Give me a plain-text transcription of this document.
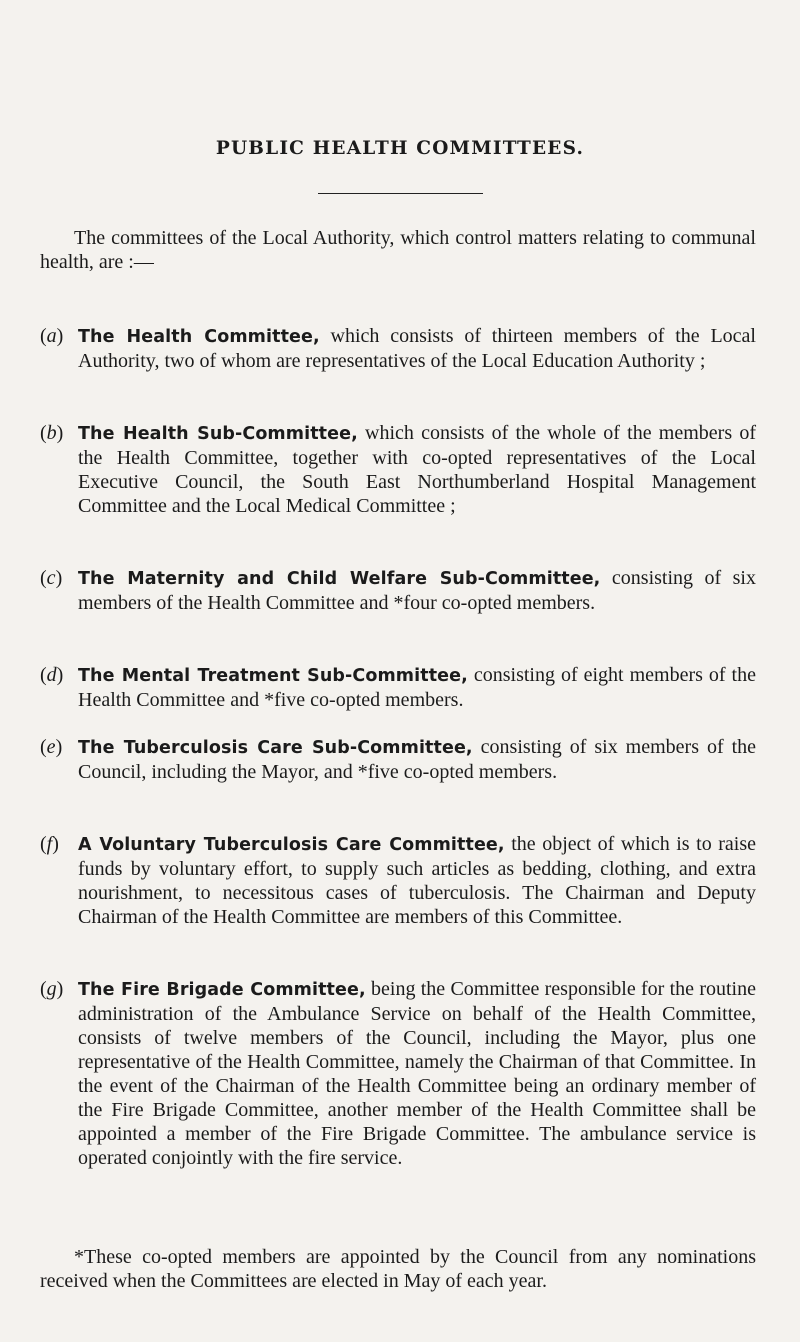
PUBLIC HEALTH COMMITTEES.

The committees of the Local Authority, which control matters relating to communal health, are :—

(a) The Health Committee, which consists of thirteen members of the Local Authority, two of whom are representatives of the Local Education Authority ;
(b) The Health Sub-Committee, which consists of the whole of the members of the Health Committee, together with co-opted representatives of the Local Executive Council, the South East Northumberland Hospital Management Committee and the Local Medical Committee ;
(c) The Maternity and Child Welfare Sub-Committee, consisting of six members of the Health Committee and *four co-opted members.
(d) The Mental Treatment Sub-Committee, consisting of eight members of the Health Committee and *five co-opted members.
(e) The Tuberculosis Care Sub-Committee, consisting of six members of the Council, including the Mayor, and *five co-opted members.
(f)	A Voluntary Tuberculosis Care Committee, the object of which is to raise funds by voluntary effort, to supply such articles as bedding, clothing, and extra nourishment, to necessitous cases of tuberculosis. The Chairman and Deputy Chairman of the Health Committee are members of this Committee.
(g) The Fire Brigade Committee, being the Committee responsible for the routine administration of the Ambulance Service on behalf of the Health Committee, consists of twelve members of the Council, including the Mayor, plus one representative of the Health Committee, namely the Chairman of that Committee. In the event of the Chairman of the Health Committee being an ordinary member of the Fire Brigade Committee, another member of the Health Committee shall be appointed a member of the Fire Brigade Committee. The ambulance service is operated conjointly with the fire service.

*These co-opted members are appointed by the Council from any nominations received when the Committees are elected in May of each year.
